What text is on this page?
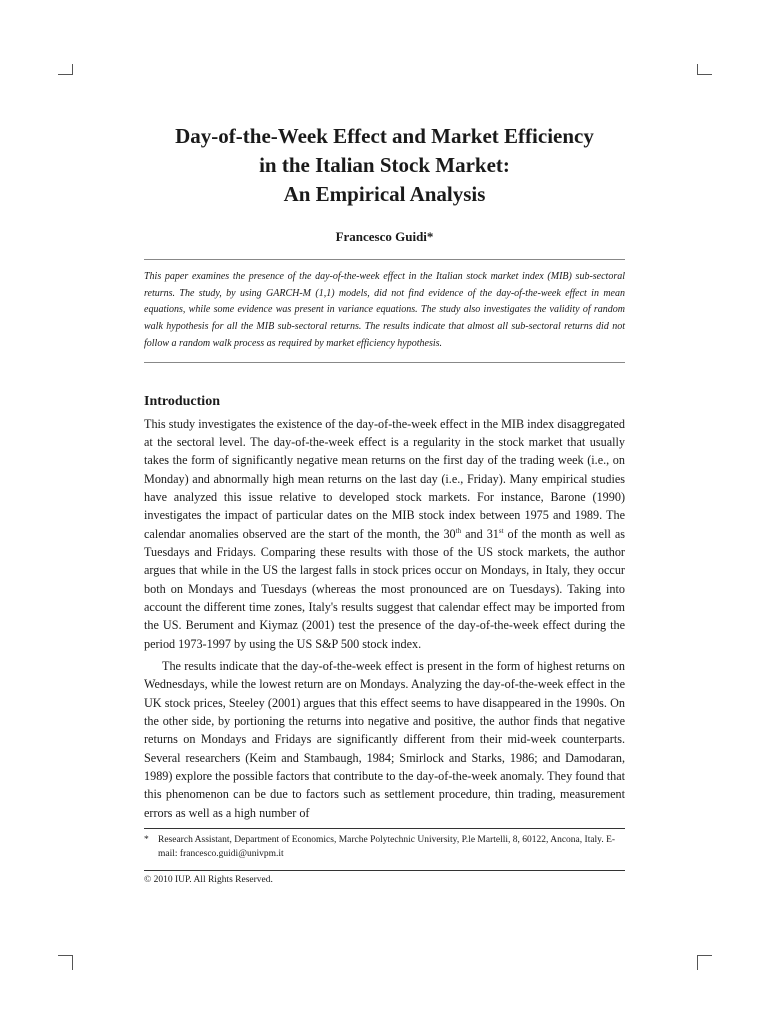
Day-of-the-Week Effect and Market Efficiency
in the Italian Stock Market:
An Empirical Analysis

Francesco Guidi*

This paper examines the presence of the day-of-the-week effect in the Italian stock market index (MIB) sub-sectoral returns. The study, by using GARCH-M (1,1) models, did not find evidence of the day-of-the-week effect in mean equations, while some evidence was present in variance equations. The study also investigates the validity of random walk hypothesis for all the MIB sub-sectoral returns. The results indicate that almost all sub-sectoral returns did not follow a random walk process as required by market efficiency hypothesis.

Introduction

This study investigates the existence of the day-of-the-week effect in the MIB index disaggregated at the sectoral level. The day-of-the-week effect is a regularity in the stock market that usually takes the form of significantly negative mean returns on the first day of the trading week (i.e., on Monday) and abnormally high mean returns on the last day (i.e., Friday). Many empirical studies have analyzed this issue relative to developed stock markets. For instance, Barone (1990) investigates the impact of particular dates on the MIB stock index between 1975 and 1989. The calendar anomalies observed are the start of the month, the 30th and 31st of the month as well as Tuesdays and Fridays. Comparing these results with those of the US stock markets, the author argues that while in the US the largest falls in stock prices occur on Mondays, in Italy, they occur both on Mondays and Tuesdays (whereas the most pronounced are on Tuesdays). Taking into account the different time zones, Italy's results suggest that calendar effect may be imported from the US. Berument and Kiymaz (2001) test the presence of the day-of-the-week effect during the period 1973-1997 by using the US S&P 500 stock index.

The results indicate that the day-of-the-week effect is present in the form of highest returns on Wednesdays, while the lowest return are on Mondays. Analyzing the day-of-the-week effect in the UK stock prices, Steeley (2001) argues that this effect seems to have disappeared in the 1990s. On the other side, by portioning the returns into negative and positive, the author finds that negative returns on Mondays and Fridays are significantly different from their mid-week counterparts. Several researchers (Keim and Stambaugh, 1984; Smirlock and Starks, 1986; and Damodaran, 1989) explore the possible factors that contribute to the day-of-the-week anomaly. They found that this phenomenon can be due to factors such as settlement procedure, thin trading, measurement errors as well as a high number of

* Research Assistant, Department of Economics, Marche Polytechnic University, P.le Martelli, 8, 60122, Ancona, Italy. E-mail: francesco.guidi@univpm.it
© 2010 IUP. All Rights Reserved.
